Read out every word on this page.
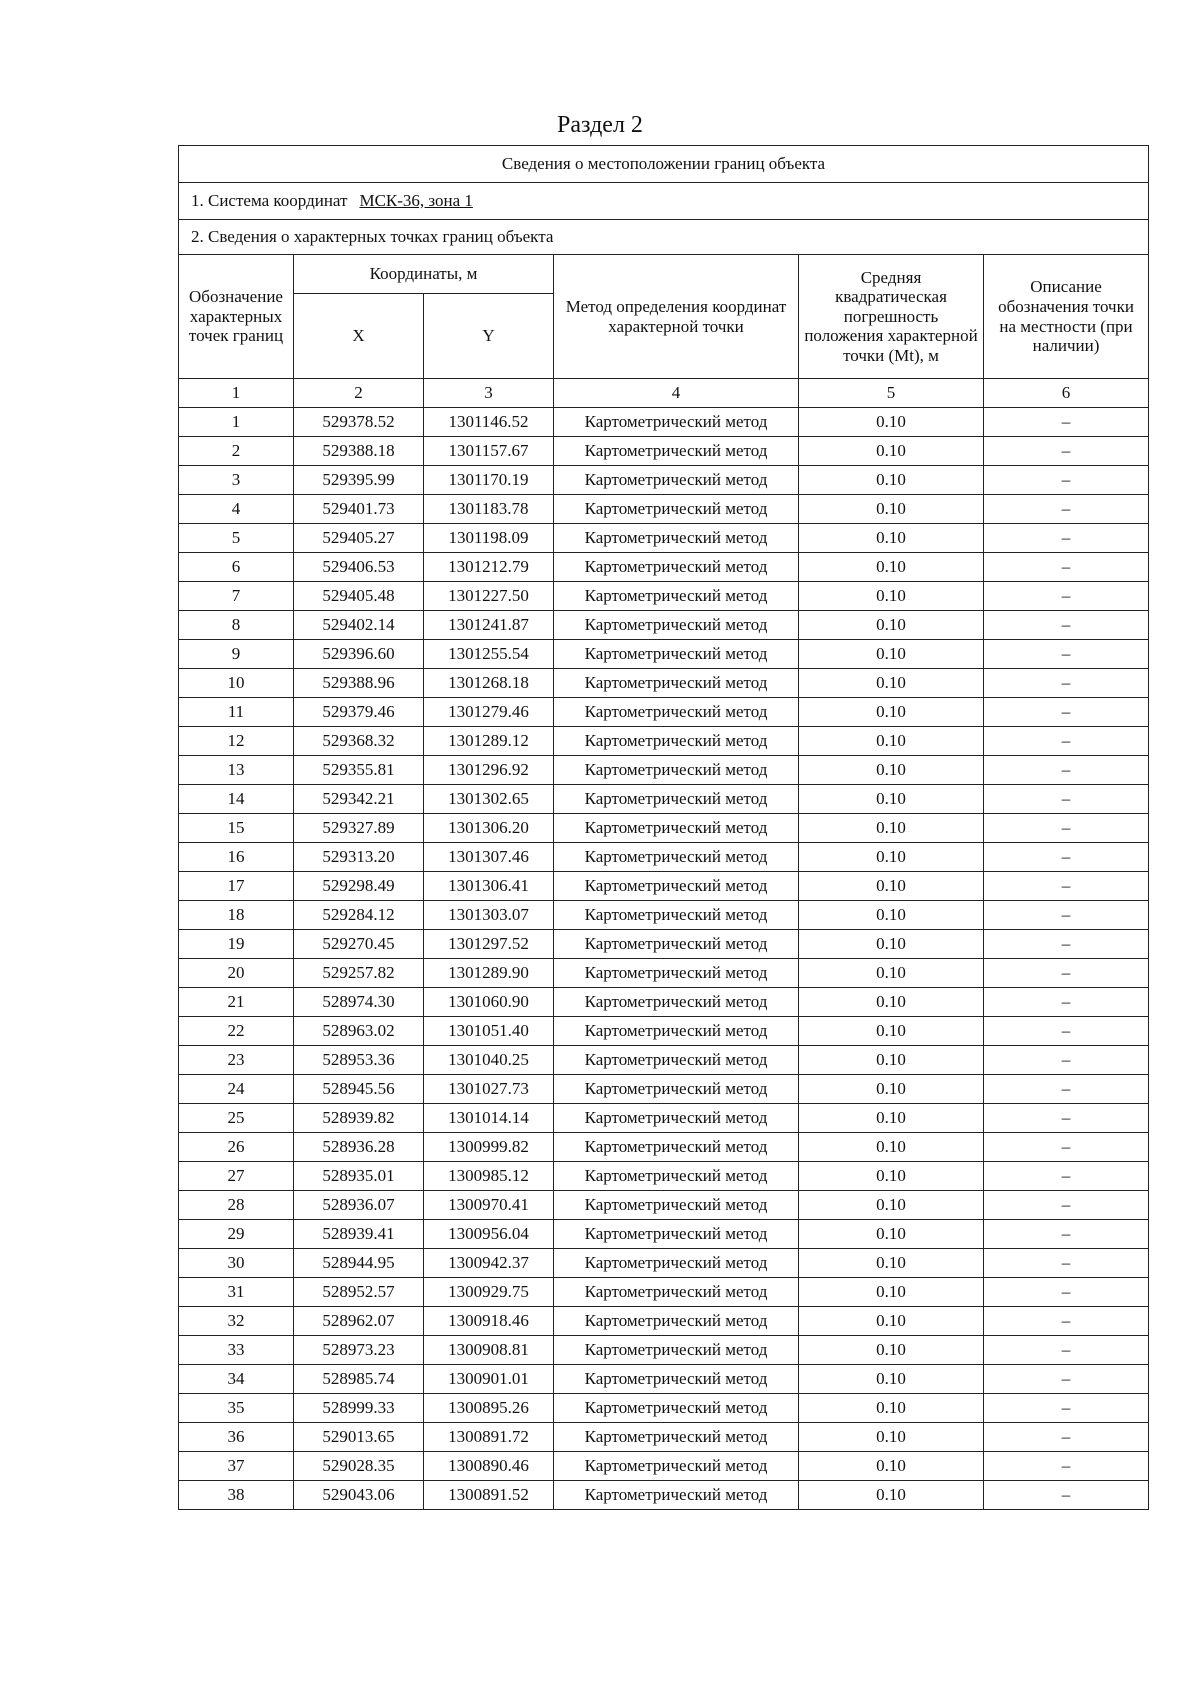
Раздел 2
Сведения о местоположении границ объекта					
1. Система координат МСК-36, зона 1					
2. Сведения о характерных точках границ объекта					
Обозначение характерных точек границ	Координаты, м		Метод определения координат характерной точки	Средняя квадратическая погрешность положения характерной точки (Mt), м	Описание обозначения точки на местности (при наличии)
	X	Y			
1	2	3	4	5	6
1	529378.52	1301146.52	Картометрический метод	0.10	–
2	529388.18	1301157.67	Картометрический метод	0.10	–
3	529395.99	1301170.19	Картометрический метод	0.10	–
4	529401.73	1301183.78	Картометрический метод	0.10	–
5	529405.27	1301198.09	Картометрический метод	0.10	–
6	529406.53	1301212.79	Картометрический метод	0.10	–
7	529405.48	1301227.50	Картометрический метод	0.10	–
8	529402.14	1301241.87	Картометрический метод	0.10	–
9	529396.60	1301255.54	Картометрический метод	0.10	–
10	529388.96	1301268.18	Картометрический метод	0.10	–
11	529379.46	1301279.46	Картометрический метод	0.10	–
12	529368.32	1301289.12	Картометрический метод	0.10	–
13	529355.81	1301296.92	Картометрический метод	0.10	–
14	529342.21	1301302.65	Картометрический метод	0.10	–
15	529327.89	1301306.20	Картометрический метод	0.10	–
16	529313.20	1301307.46	Картометрический метод	0.10	–
17	529298.49	1301306.41	Картометрический метод	0.10	–
18	529284.12	1301303.07	Картометрический метод	0.10	–
19	529270.45	1301297.52	Картометрический метод	0.10	–
20	529257.82	1301289.90	Картометрический метод	0.10	–
21	528974.30	1301060.90	Картометрический метод	0.10	–
22	528963.02	1301051.40	Картометрический метод	0.10	–
23	528953.36	1301040.25	Картометрический метод	0.10	–
24	528945.56	1301027.73	Картометрический метод	0.10	–
25	528939.82	1301014.14	Картометрический метод	0.10	–
26	528936.28	1300999.82	Картометрический метод	0.10	–
27	528935.01	1300985.12	Картометрический метод	0.10	–
28	528936.07	1300970.41	Картометрический метод	0.10	–
29	528939.41	1300956.04	Картометрический метод	0.10	–
30	528944.95	1300942.37	Картометрический метод	0.10	–
31	528952.57	1300929.75	Картометрический метод	0.10	–
32	528962.07	1300918.46	Картометрический метод	0.10	–
33	528973.23	1300908.81	Картометрический метод	0.10	–
34	528985.74	1300901.01	Картометрический метод	0.10	–
35	528999.33	1300895.26	Картометрический метод	0.10	–
36	529013.65	1300891.72	Картометрический метод	0.10	–
37	529028.35	1300890.46	Картометрический метод	0.10	–
38	529043.06	1300891.52	Картометрический метод	0.10	–
